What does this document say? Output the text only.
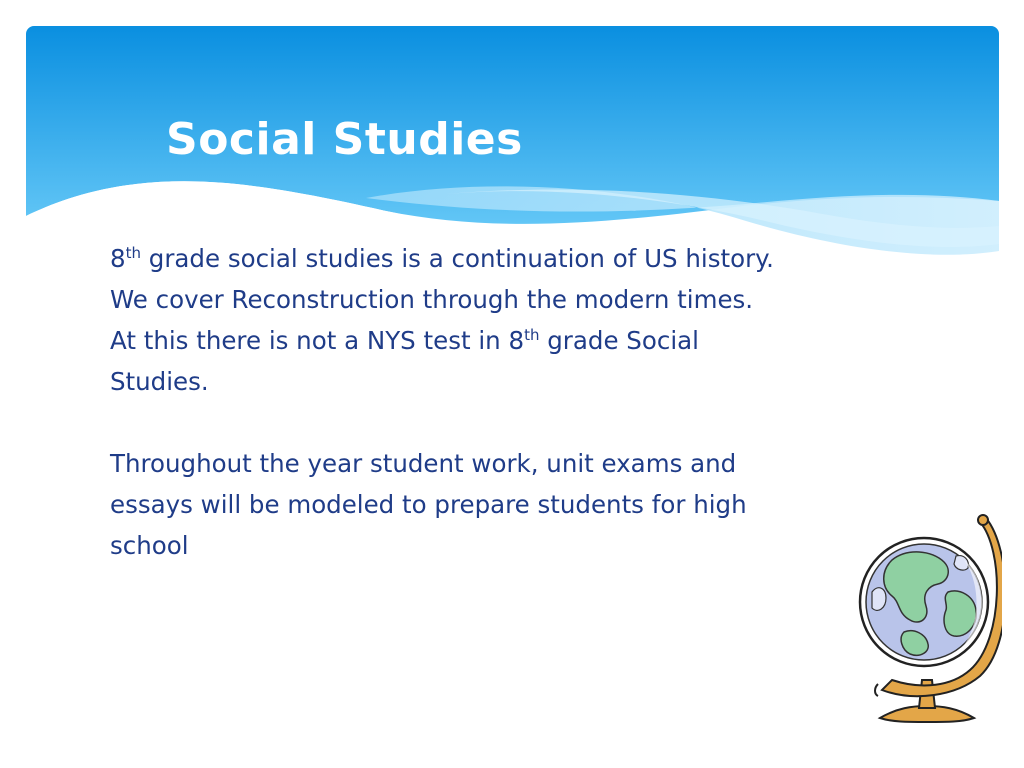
Social Studies

8th grade social studies is a continuation of US history.

We cover Reconstruction through the modern times.

At this there is not a NYS test in 8th grade Social

Studies.

Throughout the year student work, unit exams and

essays will be modeled to prepare students for high

school
